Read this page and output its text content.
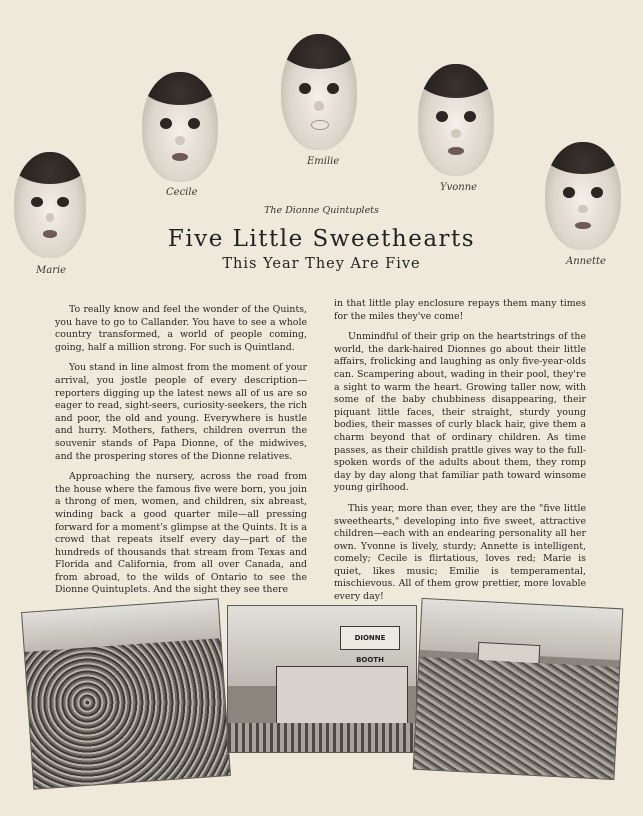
Marie
Cecile
Emilie
Yvonne
Annette
The Dionne Quintuplets
Five Little Sweethearts
This Year They Are Five

To really know and feel the wonder of the Quints, you have to go to Callander. You have to see a whole country transformed, a world of people coming, going, half a million strong. For such is Quintland.

You stand in line almost from the moment of your arrival, you jostle people of every description—reporters digging up the latest news all of us are so eager to read, sight-seers, curiosity-seekers, the rich and poor, the old and young. Everywhere is hustle and hurry. Mothers, fathers, children overrun the souvenir stands of Papa Dionne, of the midwives, and the prospering stores of the Dionne relatives.

Approaching the nursery, across the road from the house where the famous five were born, you join a throng of men, women, and children, six abreast, winding back a good quarter mile—all pressing forward for a moment's glimpse at the Quints. It is a crowd that repeats itself every day—part of the hundreds of thousands that stream from Texas and Florida and California, from all over Canada, and from abroad, to the wilds of Ontario to see the Dionne Quintuplets. And the sight they see there

in that little play enclosure repays them many times for the miles they've come!

Unmindful of their grip on the heartstrings of the world, the dark-haired Dionnes go about their little affairs, frolicking and laughing as only five-year-olds can. Scampering about, wading in their pool, they're a sight to warm the heart. Growing taller now, with some of the baby chubbiness disappearing, their piquant little faces, their straight, sturdy young bodies, their masses of curly black hair, give them a charm beyond that of ordinary children. As time passes, as their childish prattle gives way to the full-spoken words of the adults about them, they romp day by day along that familiar path toward winsome young girlhood.

This year, more than ever, they are the "five little sweethearts," developing into five sweet, attractive children—each with an endearing personality all her own. Yvonne is lively, sturdy; Annette is intelligent, comely; Cecile is flirtatious, loves red; Marie is quiet, likes music; Emilie is temperamental, mischievous. All of them grow prettier, more lovable every day!

DIONNE BOOTH
